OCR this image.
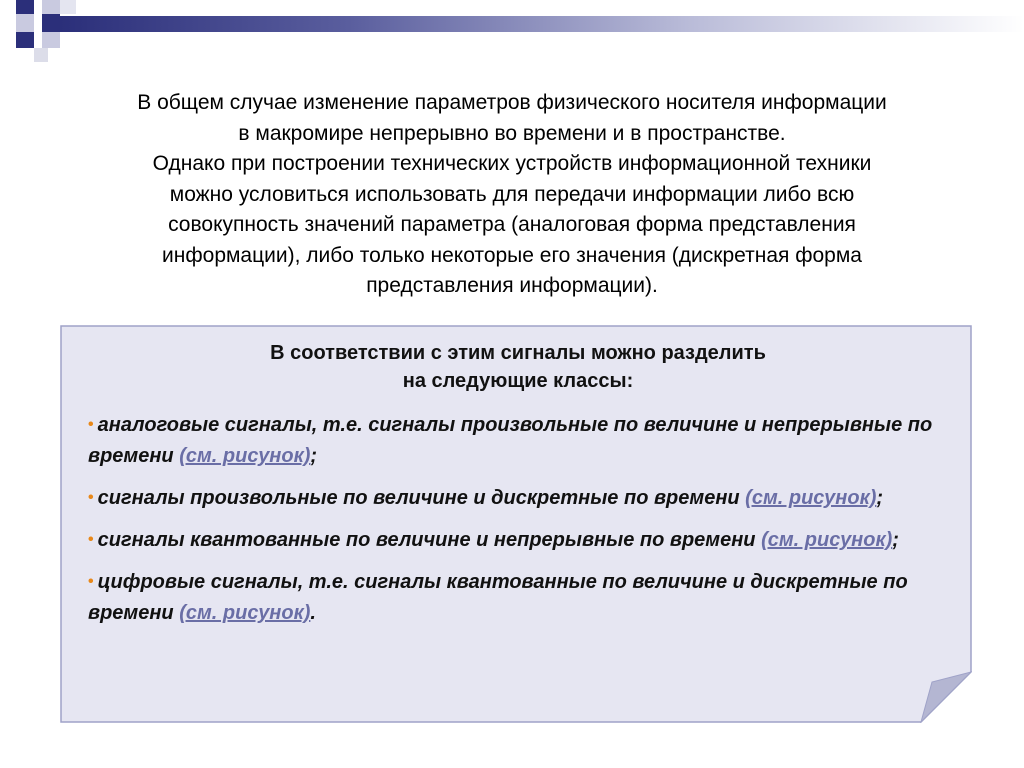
В общем случае изменение параметров физического носителя информации

в макромире непрерывно во времени и в пространстве.

Однако при построении технических устройств информационной техники

можно условиться использовать для передачи информации либо всю

совокупность значений параметра (аналоговая форма представления

информации), либо только некоторые его значения (дискретная форма

представления информации).

В соответствии с этим сигналы можно разделить
на следующие классы:
• аналоговые сигналы, т.е. сигналы произвольные по величине и непрерывные по времени (см. рисунок);
• сигналы произвольные по величине и дискретные по времени (см. рисунок);
• сигналы квантованные по величине и непрерывные по времени (см. рисунок);
• цифровые сигналы, т.е. сигналы квантованные по величине и дискретные по времени (см. рисунок).
